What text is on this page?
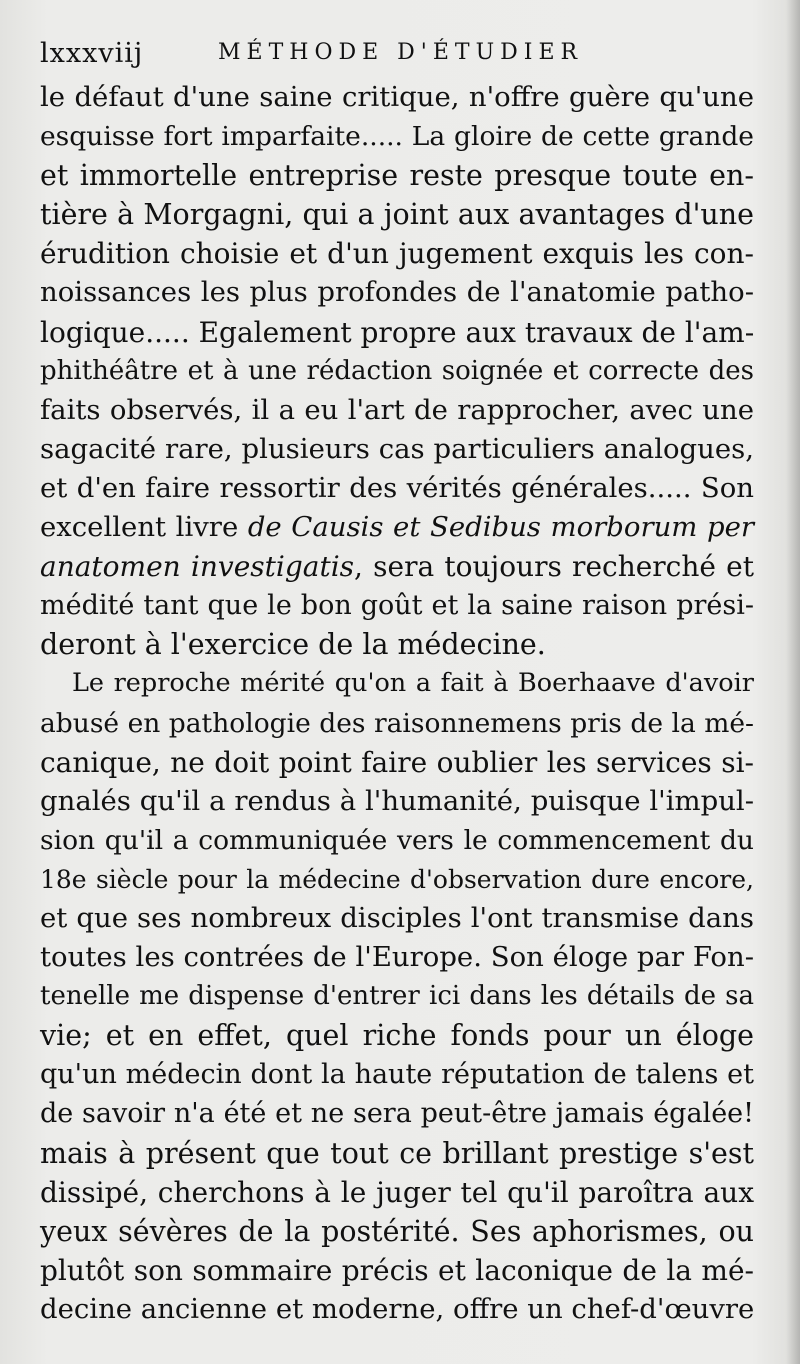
lxxxviij	MÉTHODE D'ÉTUDIER
le défaut d'une saine critique, n'offre guère qu'une
esquisse fort imparfaite..... La gloire de cette grande
et immortelle entreprise reste presque toute en-
tière à Morgagni, qui a joint aux avantages d'une
érudition choisie et d'un jugement exquis les con-
noissances les plus profondes de l'anatomie patho-
logique..... Egalement propre aux travaux de l'am-
phithéâtre et à une rédaction soignée et correcte des
faits observés, il a eu l'art de rapprocher, avec une
sagacité rare, plusieurs cas particuliers analogues,
et d'en faire ressortir des vérités générales..... Son
excellent livre de Causis et Sedibus morborum per
anatomen investigatis, sera toujours recherché et
médité tant que le bon goût et la saine raison prési-
deront à l'exercice de la médecine.
Le reproche mérité qu'on a fait à Boerhaave d'avoir
abusé en pathologie des raisonnemens pris de la mé-
canique, ne doit point faire oublier les services si-
gnalés qu'il a rendus à l'humanité, puisque l'impul-
sion qu'il a communiquée vers le commencement du
18e siècle pour la médecine d'observation dure encore,
et que ses nombreux disciples l'ont transmise dans
toutes les contrées de l'Europe. Son éloge par Fon-
tenelle me dispense d'entrer ici dans les détails de sa
vie; et en effet, quel riche fonds pour un éloge
qu'un médecin dont la haute réputation de talens et
de savoir n'a été et ne sera peut-être jamais égalée!
mais à présent que tout ce brillant prestige s'est
dissipé, cherchons à le juger tel qu'il paroîtra aux
yeux sévères de la postérité. Ses aphorismes, ou
plutôt son sommaire précis et laconique de la mé-
decine ancienne et moderne, offre un chef-d'œuvre
